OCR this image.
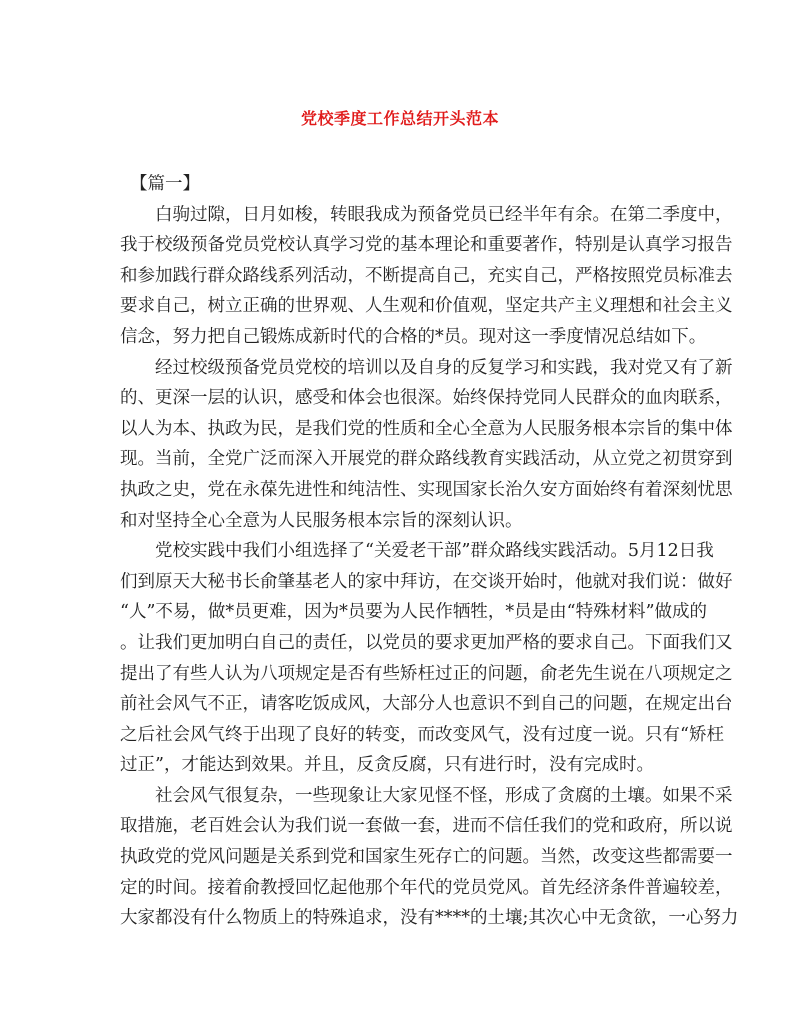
党校季度工作总结开头范本
【篇一】
白驹过隙，日月如梭，转眼我成为预备党员已经半年有余。在第二季度中，
我于校级预备党员党校认真学习党的基本理论和重要著作，特别是认真学习报告
和参加践行群众路线系列活动，不断提高自己，充实自己，严格按照党员标准去
要求自己，树立正确的世界观、人生观和价值观，坚定共产主义理想和社会主义
信念，努力把自己锻炼成新时代的合格的*员。现对这一季度情况总结如下。
经过校级预备党员党校的培训以及自身的反复学习和实践，我对党又有了新
的、更深一层的认识，感受和体会也很深。始终保持党同人民群众的血肉联系，
以人为本、执政为民，是我们党的性质和全心全意为人民服务根本宗旨的集中体
现。当前，全党广泛而深入开展党的群众路线教育实践活动，从立党之初贯穿到
执政之史，党在永葆先进性和纯洁性、实现国家长治久安方面始终有着深刻忧思
和对坚持全心全意为人民服务根本宗旨的深刻认识。
党校实践中我们小组选择了“关爱老干部”群众路线实践活动。5月12日我
们到原天大秘书长俞肇基老人的家中拜访，在交谈开始时，他就对我们说：做好
“人”不易，做*员更难，因为*员要为人民作牺牲，*员是由“特殊材料”做成的
。让我们更加明白自己的责任，以党员的要求更加严格的要求自己。下面我们又
提出了有些人认为八项规定是否有些矫枉过正的问题，俞老先生说在八项规定之
前社会风气不正，请客吃饭成风，大部分人也意识不到自己的问题，在规定出台
之后社会风气终于出现了良好的转变，而改变风气，没有过度一说。只有“矫枉
过正”，才能达到效果。并且，反贪反腐，只有进行时，没有完成时。
社会风气很复杂，一些现象让大家见怪不怪，形成了贪腐的土壤。如果不采
取措施，老百姓会认为我们说一套做一套，进而不信任我们的党和政府，所以说
执政党的党风问题是关系到党和国家生死存亡的问题。当然，改变这些都需要一
定的时间。接着俞教授回忆起他那个年代的党员党风。首先经济条件普遍较差，
大家都没有什么物质上的特殊追求，没有****的土壤;其次心中无贪欲，一心努力
